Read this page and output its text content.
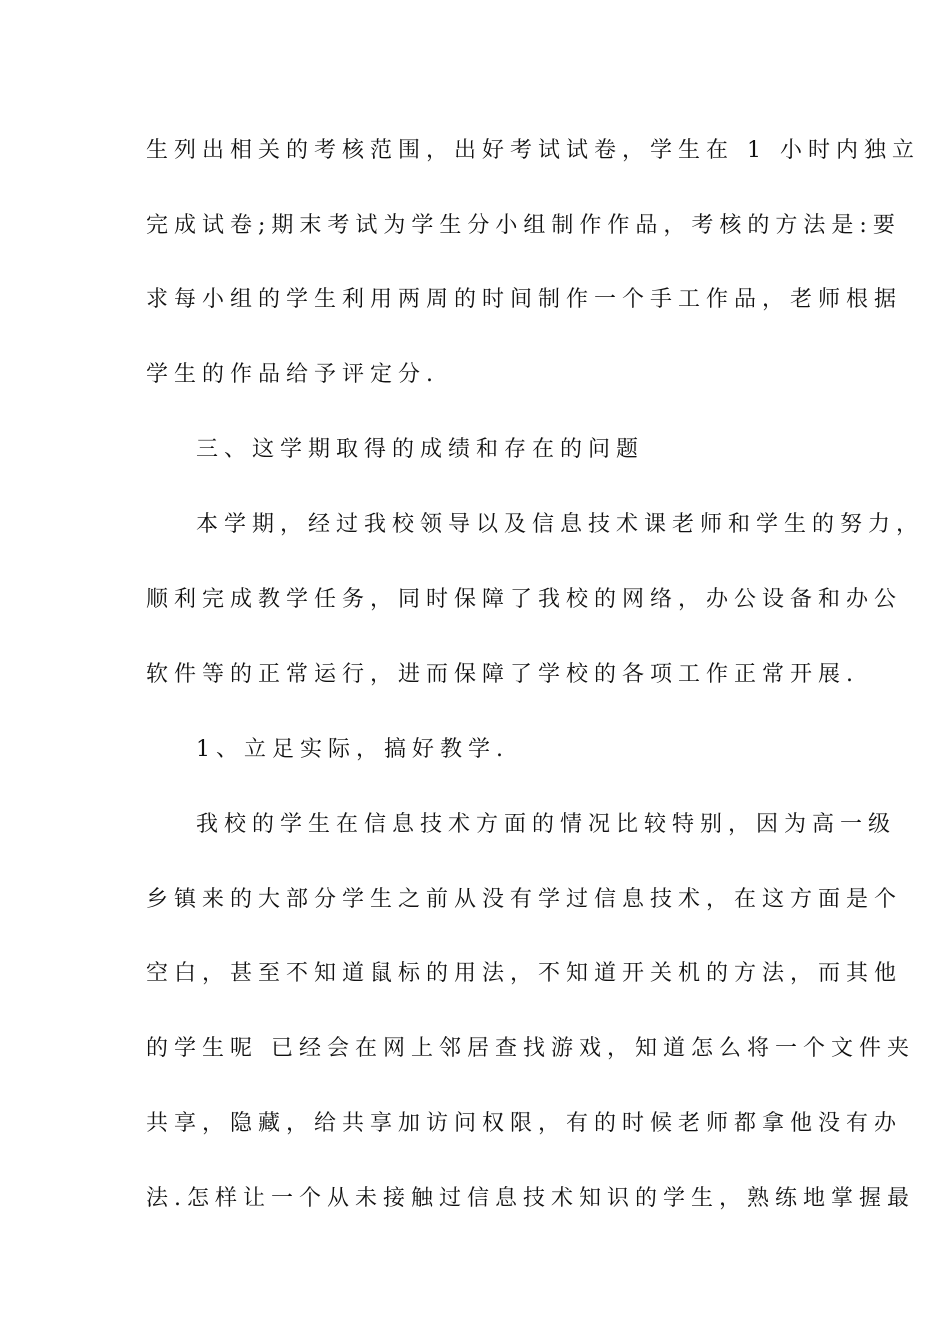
生列出相关的考核范围，出好考试试卷，学生在 1 小时内独立
完成试卷;期末考试为学生分小组制作作品，考核的方法是:要
求每小组的学生利用两周的时间制作一个手工作品，老师根据
学生的作品给予评定分.
三、这学期取得的成绩和存在的问题
本学期，经过我校领导以及信息技术课老师和学生的努力，
顺利完成教学任务，同时保障了我校的网络，办公设备和办公
软件等的正常运行，进而保障了学校的各项工作正常开展.
1、立足实际，搞好教学.
我校的学生在信息技术方面的情况比较特别，因为高一级
乡镇来的大部分学生之前从没有学过信息技术，在这方面是个
空白，甚至不知道鼠标的用法，不知道开关机的方法，而其他
的学生呢 已经会在网上邻居查找游戏，知道怎么将一个文件夹
共享，隐藏，给共享加访问权限，有的时候老师都拿他没有办
法.怎样让一个从未接触过信息技术知识的学生，熟练地掌握最
